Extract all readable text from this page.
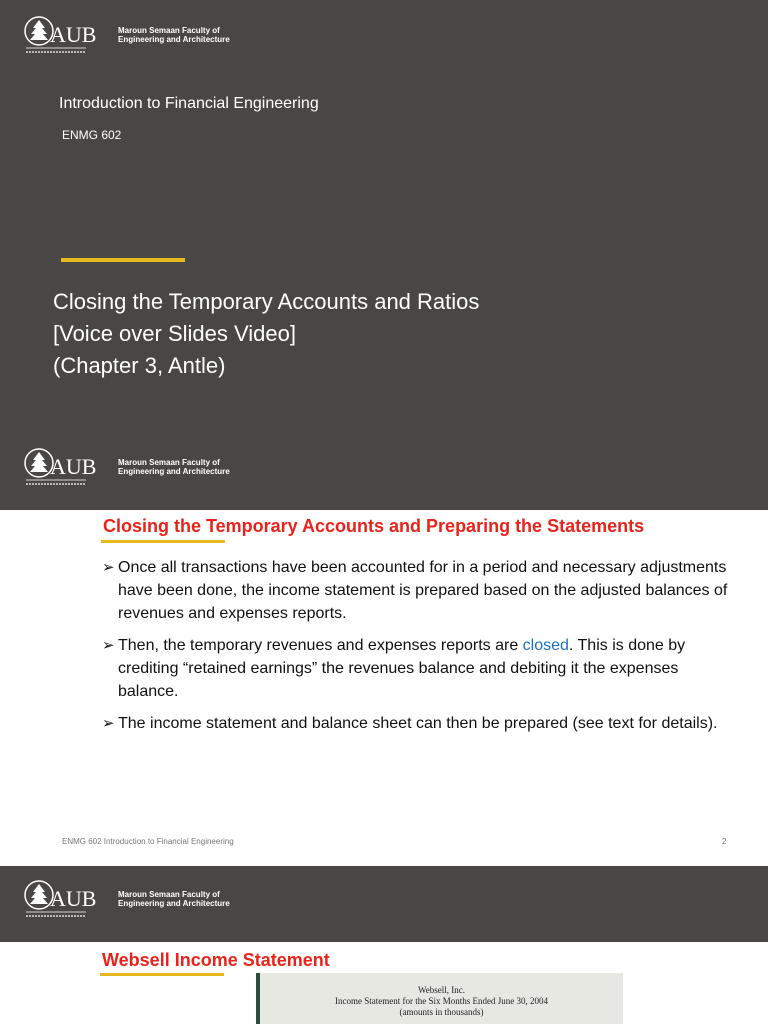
AUB	Maroun Semaan Faculty of
Engineering and Architecture
Introduction to Financial Engineering
ENMG 602
Closing the Temporary Accounts and Ratios
[Voice over Slides Video]
(Chapter 3, Antle)
AUB	Maroun Semaan Faculty of
Engineering and Architecture
Closing the Temporary Accounts and Preparing the Statements
➢ Once all transactions have been accounted for in a period and necessary adjustments have been done, the income statement is prepared based on the adjusted balances of revenues and expenses reports.
➢ Then, the temporary revenues and expenses reports are closed. This is done by crediting “retained earnings” the revenues balance and debiting it the expenses balance.
➢ The income statement and balance sheet can then be prepared (see text for details).
ENMG 602 Introduction to Financial Engineering	2
AUB	Maroun Semaan Faculty of
Engineering and Architecture
Websell Income Statement
Websell, Inc.
Income Statement for the Six Months Ended June 30, 2004
(amounts in thousands)
